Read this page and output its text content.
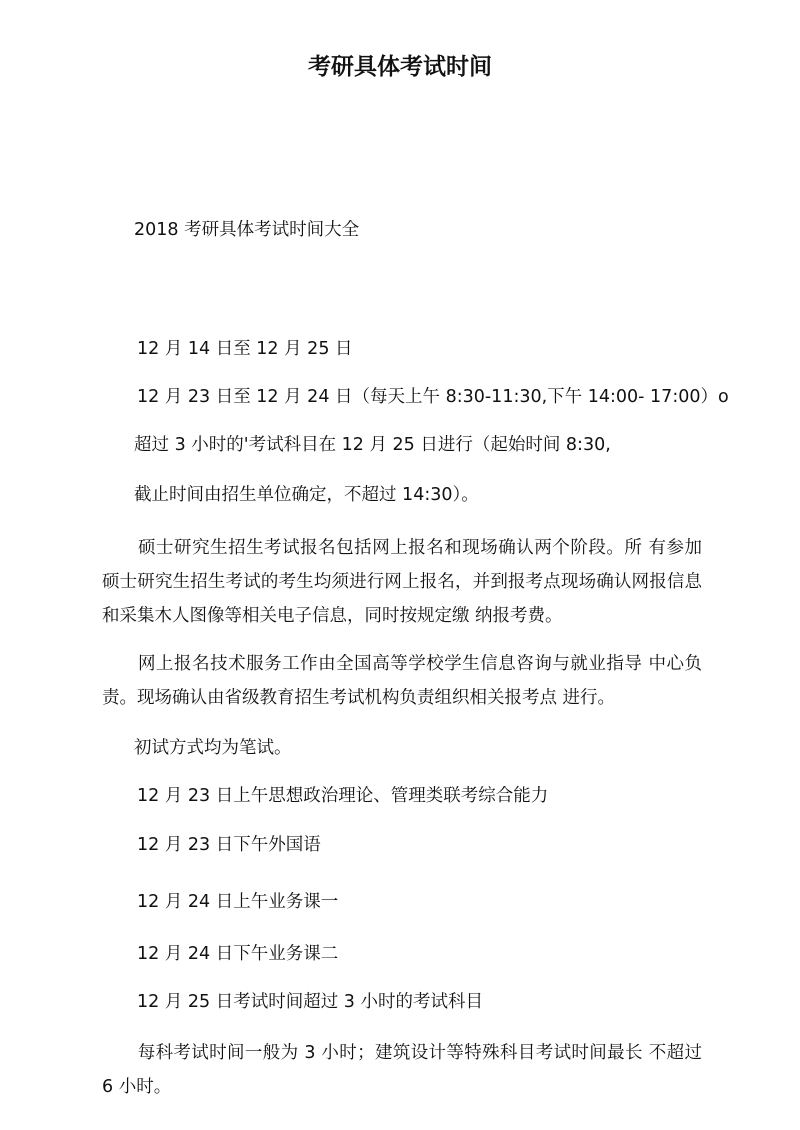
考研具体考试时间

2018 考研具体考试时间大全

12 月 14 日至 12 月 25 日

12 月 23 日至 12 月 24 日（每天上午 8:30-11:30,下午 14:00- 17:00）o

超过 3 小时的'考试科目在 12 月 25 日进行（起始时间 8:30,

截止时间由招生单位确定，不超过 14:30）。

　　硕士研究生招生考试报名包括网上报名和现场确认两个阶段。所 有参加硕士研究生招生考试的考生均须进行网上报名，并到报考点现场确认网报信息和采集木人图像等相关电子信息，同时按规定缴 纳报考费。

　　网上报名技术服务工作由全国高等学校学生信息咨询与就业指导 中心负责。现场确认由省级教育招生考试机构负责组织相关报考点 进行。

初试方式均为笔试。

12 月 23 日上午思想政治理论、管理类联考综合能力

12 月 23 日下午外国语

12 月 24 日上午业务课一

12 月 24 日下午业务课二

12 月 25 日考试时间超过 3 小时的考试科目

　　每科考试时间一般为 3 小时；建筑设计等特殊科目考试时间最长 不超过 6 小时。
